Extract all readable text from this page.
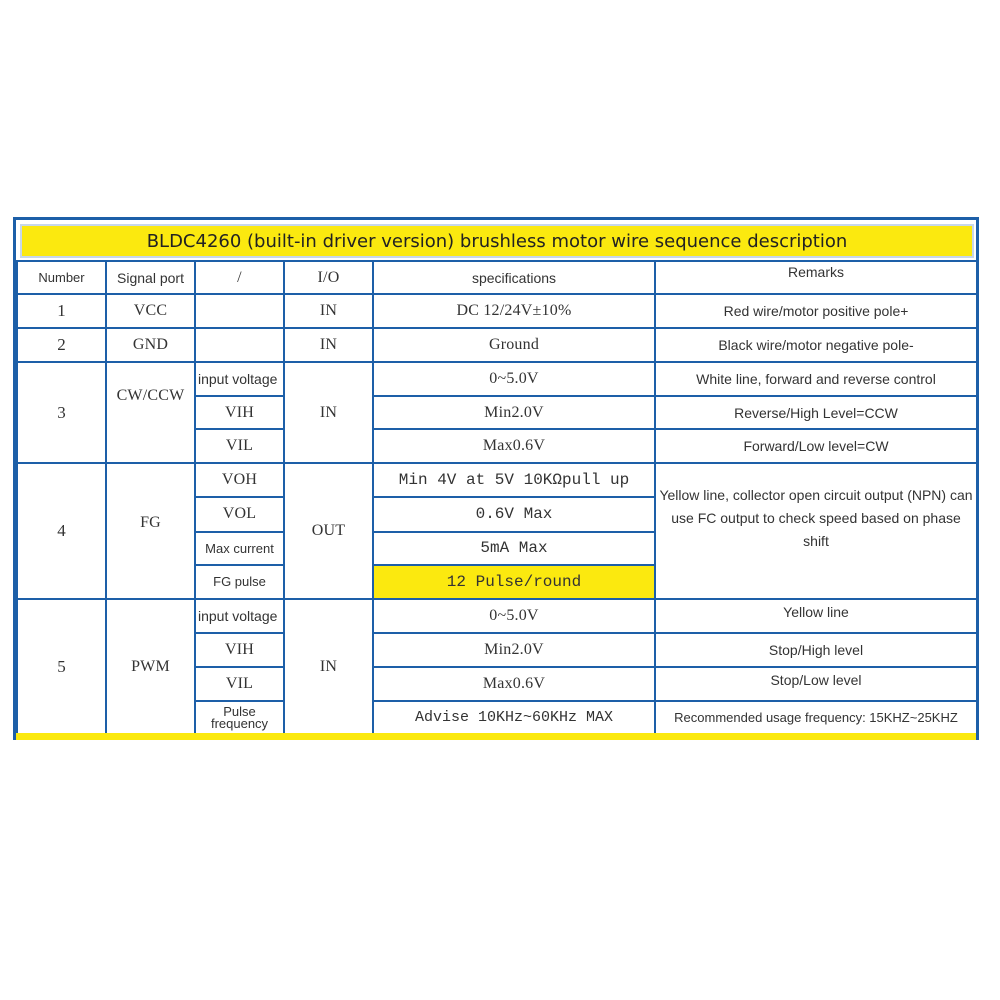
BLDC4260 (built-in driver version) brushless motor wire sequence description
Number	Signal port	/	I/O	specifications	Remarks
1	VCC		IN	DC 12/24V±10%	Red wire/motor positive pole+
2	GND		IN	Ground	Black wire/motor negative pole-
3	CW/CCW	input voltage	IN	0~5.0V	White line, forward and reverse control
		VIH		Min2.0V	Reverse/High Level=CCW
		VIL		Max0.6V	Forward/Low level=CW
4	FG	VOH	OUT	Min 4V at 5V 10KΩpull up	Yellow line, collector open circuit output (NPN) can use FC output to check speed based on phase shift
		VOL		0.6V Max	
		Max current		5mA Max	
		FG pulse		12 Pulse/round	
5	PWM	input voltage	IN	0~5.0V	Yellow line
		VIH		Min2.0V	Stop/High level
		VIL		Max0.6V	Stop/Low level
		Pulse frequency		Advise 10KHz~60KHz MAX	Recommended usage frequency: 15KHZ~25KHZ
